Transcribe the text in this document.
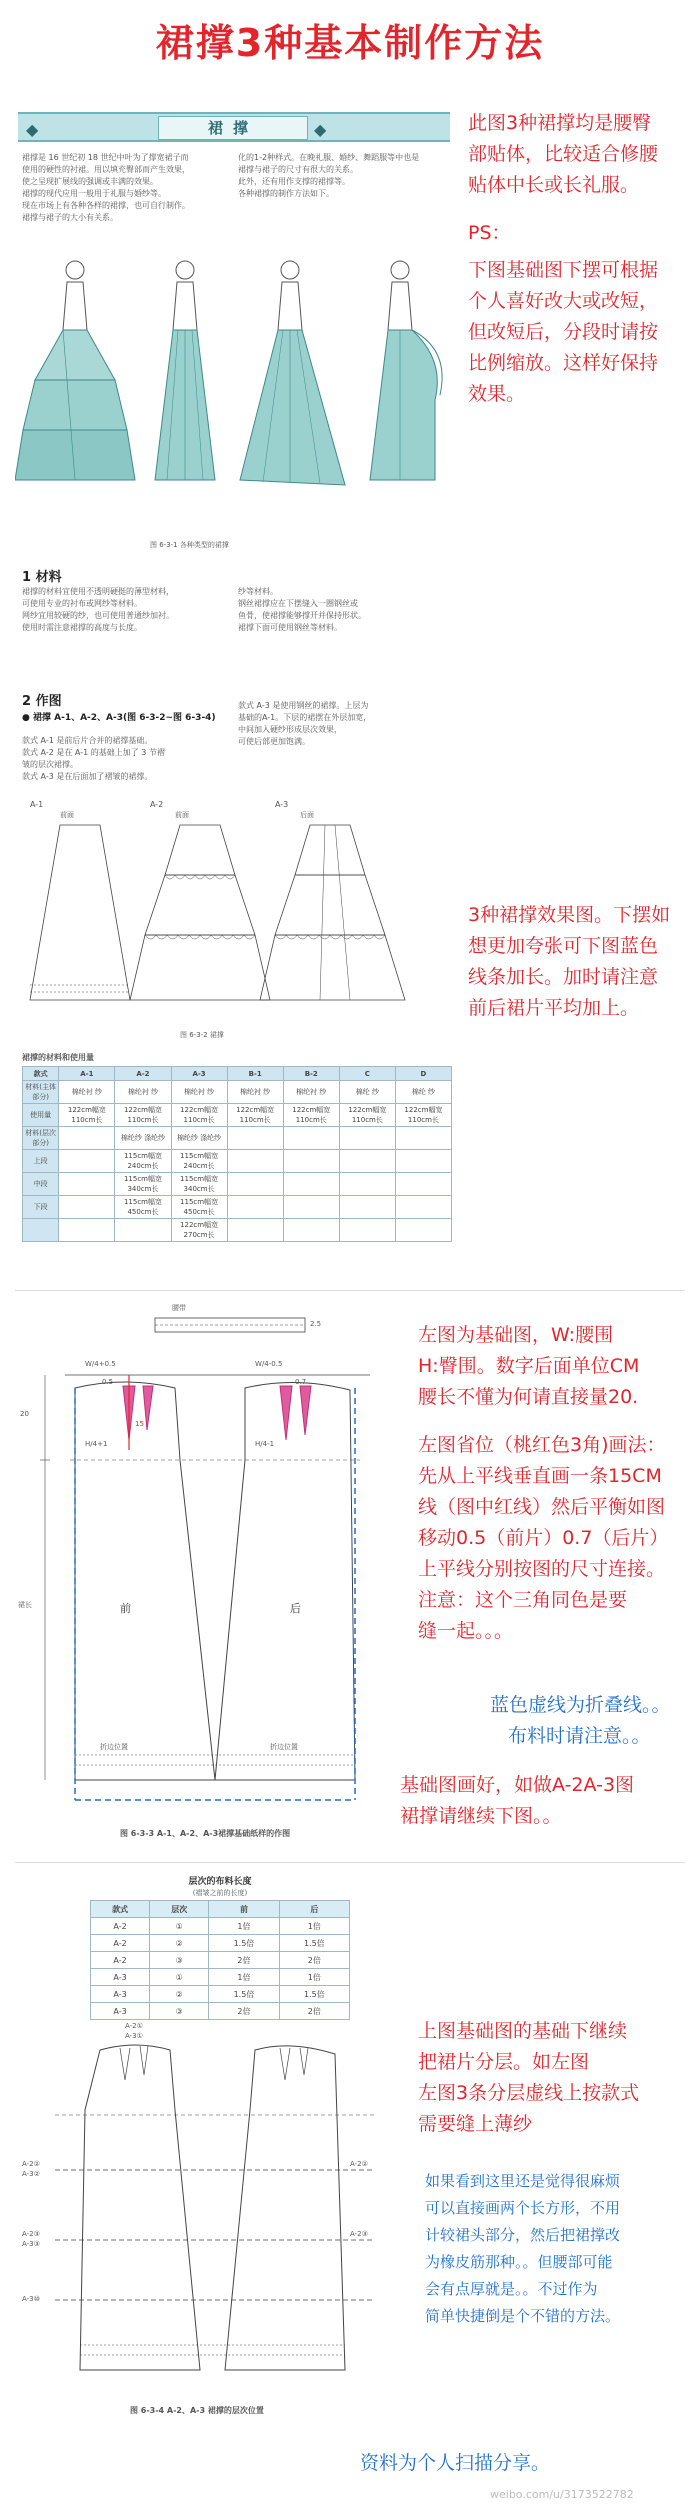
裙撑3种基本制作方法
◆	裙撑	◆
裙撑是 16 世纪初 18 世纪中叶为了撑宽裙子而
使用的硬性的衬裙。用以填充臀部而产生效果，
使之呈现扩展线的强调或丰满的效果。
裙撑的现代应用一般用于礼服与婚纱等。
现在市场上有各种各样的裙撑，也可自行制作。
裙撑与裙子的大小有关系。
化的1-2种样式。在晚礼服、婚纱、舞蹈服等中也是
裙撑与裙子的尺寸有很大的关系。
此外，还有用作支撑的裙撑等。
各种裙撑的制作方法如下。
图 6-3-1 各种类型的裙撑
1 材料
裙撑的材料宜使用不透明硬挺的薄型材料，
可使用专业的衬布或网纱等材料。
网纱宜用较硬的纱，也可使用普通纱加衬。
使用时需注意裙撑的高度与长度。
纱等材料。
钢丝裙撑应在下摆缝入一圈钢丝或
鱼骨，使裙撑能够撑开并保持形状。
裙撑下面可使用钢丝等材料。
2 作图
● 裙撑 A-1、A-2、A-3(图 6-3-2~图 6-3-4)
款式 A-1 是前后片合并的裙撑基础。
款式 A-2 是在 A-1 的基础上加了 3 节褶
皱的层次裙撑。
款式 A-3 是在后面加了褶皱的裙撑。
款式 A-3 是使用钢丝的裙撑。上层为
基础的A-1。下层的裙摆在外层加宽，
中间加入硬纱形成层次效果，
可使后部更加饱满。
A-1	A-2	A-3
前面	前面	后面
图 6-3-2 裙撑
裙撑的材料和使用量
款式	A-1	A-2	A-3	B-1	B-2	C	D
材料(主体部分)	棉纶衬 纱	棉纶衬 纱	棉纶衬 纱	棉纶衬 纱	棉纶衬 纱	棉纶 纱	棉纶 纱
使用量	122cm幅宽 110cm长	122cm幅宽 110cm长	122cm幅宽 110cm长	122cm幅宽 110cm长	122cm幅宽 110cm长	122cm幅宽 110cm长	122cm幅宽 110cm长
材料(层次部分)		棉纶纱 涤纶纱	棉纶纱 涤纶纱				
上段		115cm幅宽 240cm长	115cm幅宽 240cm长				
中段		115cm幅宽 340cm长	115cm幅宽 340cm长				
下段		115cm幅宽 450cm长	115cm幅宽 450cm长				
			122cm幅宽 270cm长				
此图3种裙撑均是腰臀
部贴体，比较适合修腰
贴体中长或长礼服。
PS：
下图基础图下摆可根据
个人喜好改大或改短，
但改短后，分段时请按
比例缩放。这样好保持
效果。
3种裙撑效果图。下摆如
想更加夸张可下图蓝色
线条加长。加时请注意
前后裙片平均加上。
腰带
2.5
W/4+0.5
H/4+1
W/4-0.5
H/4-1
15
20
0.5	0.7
裙长	前	后
折边位置	折边位置
图 6-3-3 A-1、A-2、A-3裙撑基础纸样的作图
左图为基础图，W:腰围
H:臀围。数字后面单位CM
腰长不懂为何请直接量20.
左图省位（桃红色3角)画法：
先从上平线垂直画一条15CM
线（图中红线）然后平衡如图
移动0.5（前片）0.7（后片）
上平线分别按图的尺寸连接。
注意：这个三角同色是要
缝一起。。。
蓝色虚线为折叠线。。
布料时请注意。。
基础图画好，如做A-2A-3图
裙撑请继续下图。。
层次的布料长度
(褶皱之前的长度)
款式	层次	前	后
A-2	①	1倍	1倍
A-2	②	1.5倍	1.5倍
A-2	③	2倍	2倍
A-3	①	1倍	1倍
A-3	②	1.5倍	1.5倍
A-3	③	2倍	2倍
A-2①
A-3①
A-2②
A-3②
A-2③
A-3③
A-3⑩
A-2②
A-2③
图 6-3-4 A-2、A-3 裙撑的层次位置
上图基础图的基础下继续
把裙片分层。如左图
左图3条分层虚线上按款式
需要缝上薄纱
如果看到这里还是觉得很麻烦
可以直接画两个长方形，不用
计较裙头部分，然后把裙撑改
为橡皮筋那种。。但腰部可能
会有点厚就是。。不过作为
简单快捷倒是个不错的方法。
资料为个人扫描分享。
weibo.com/u/3173522782
